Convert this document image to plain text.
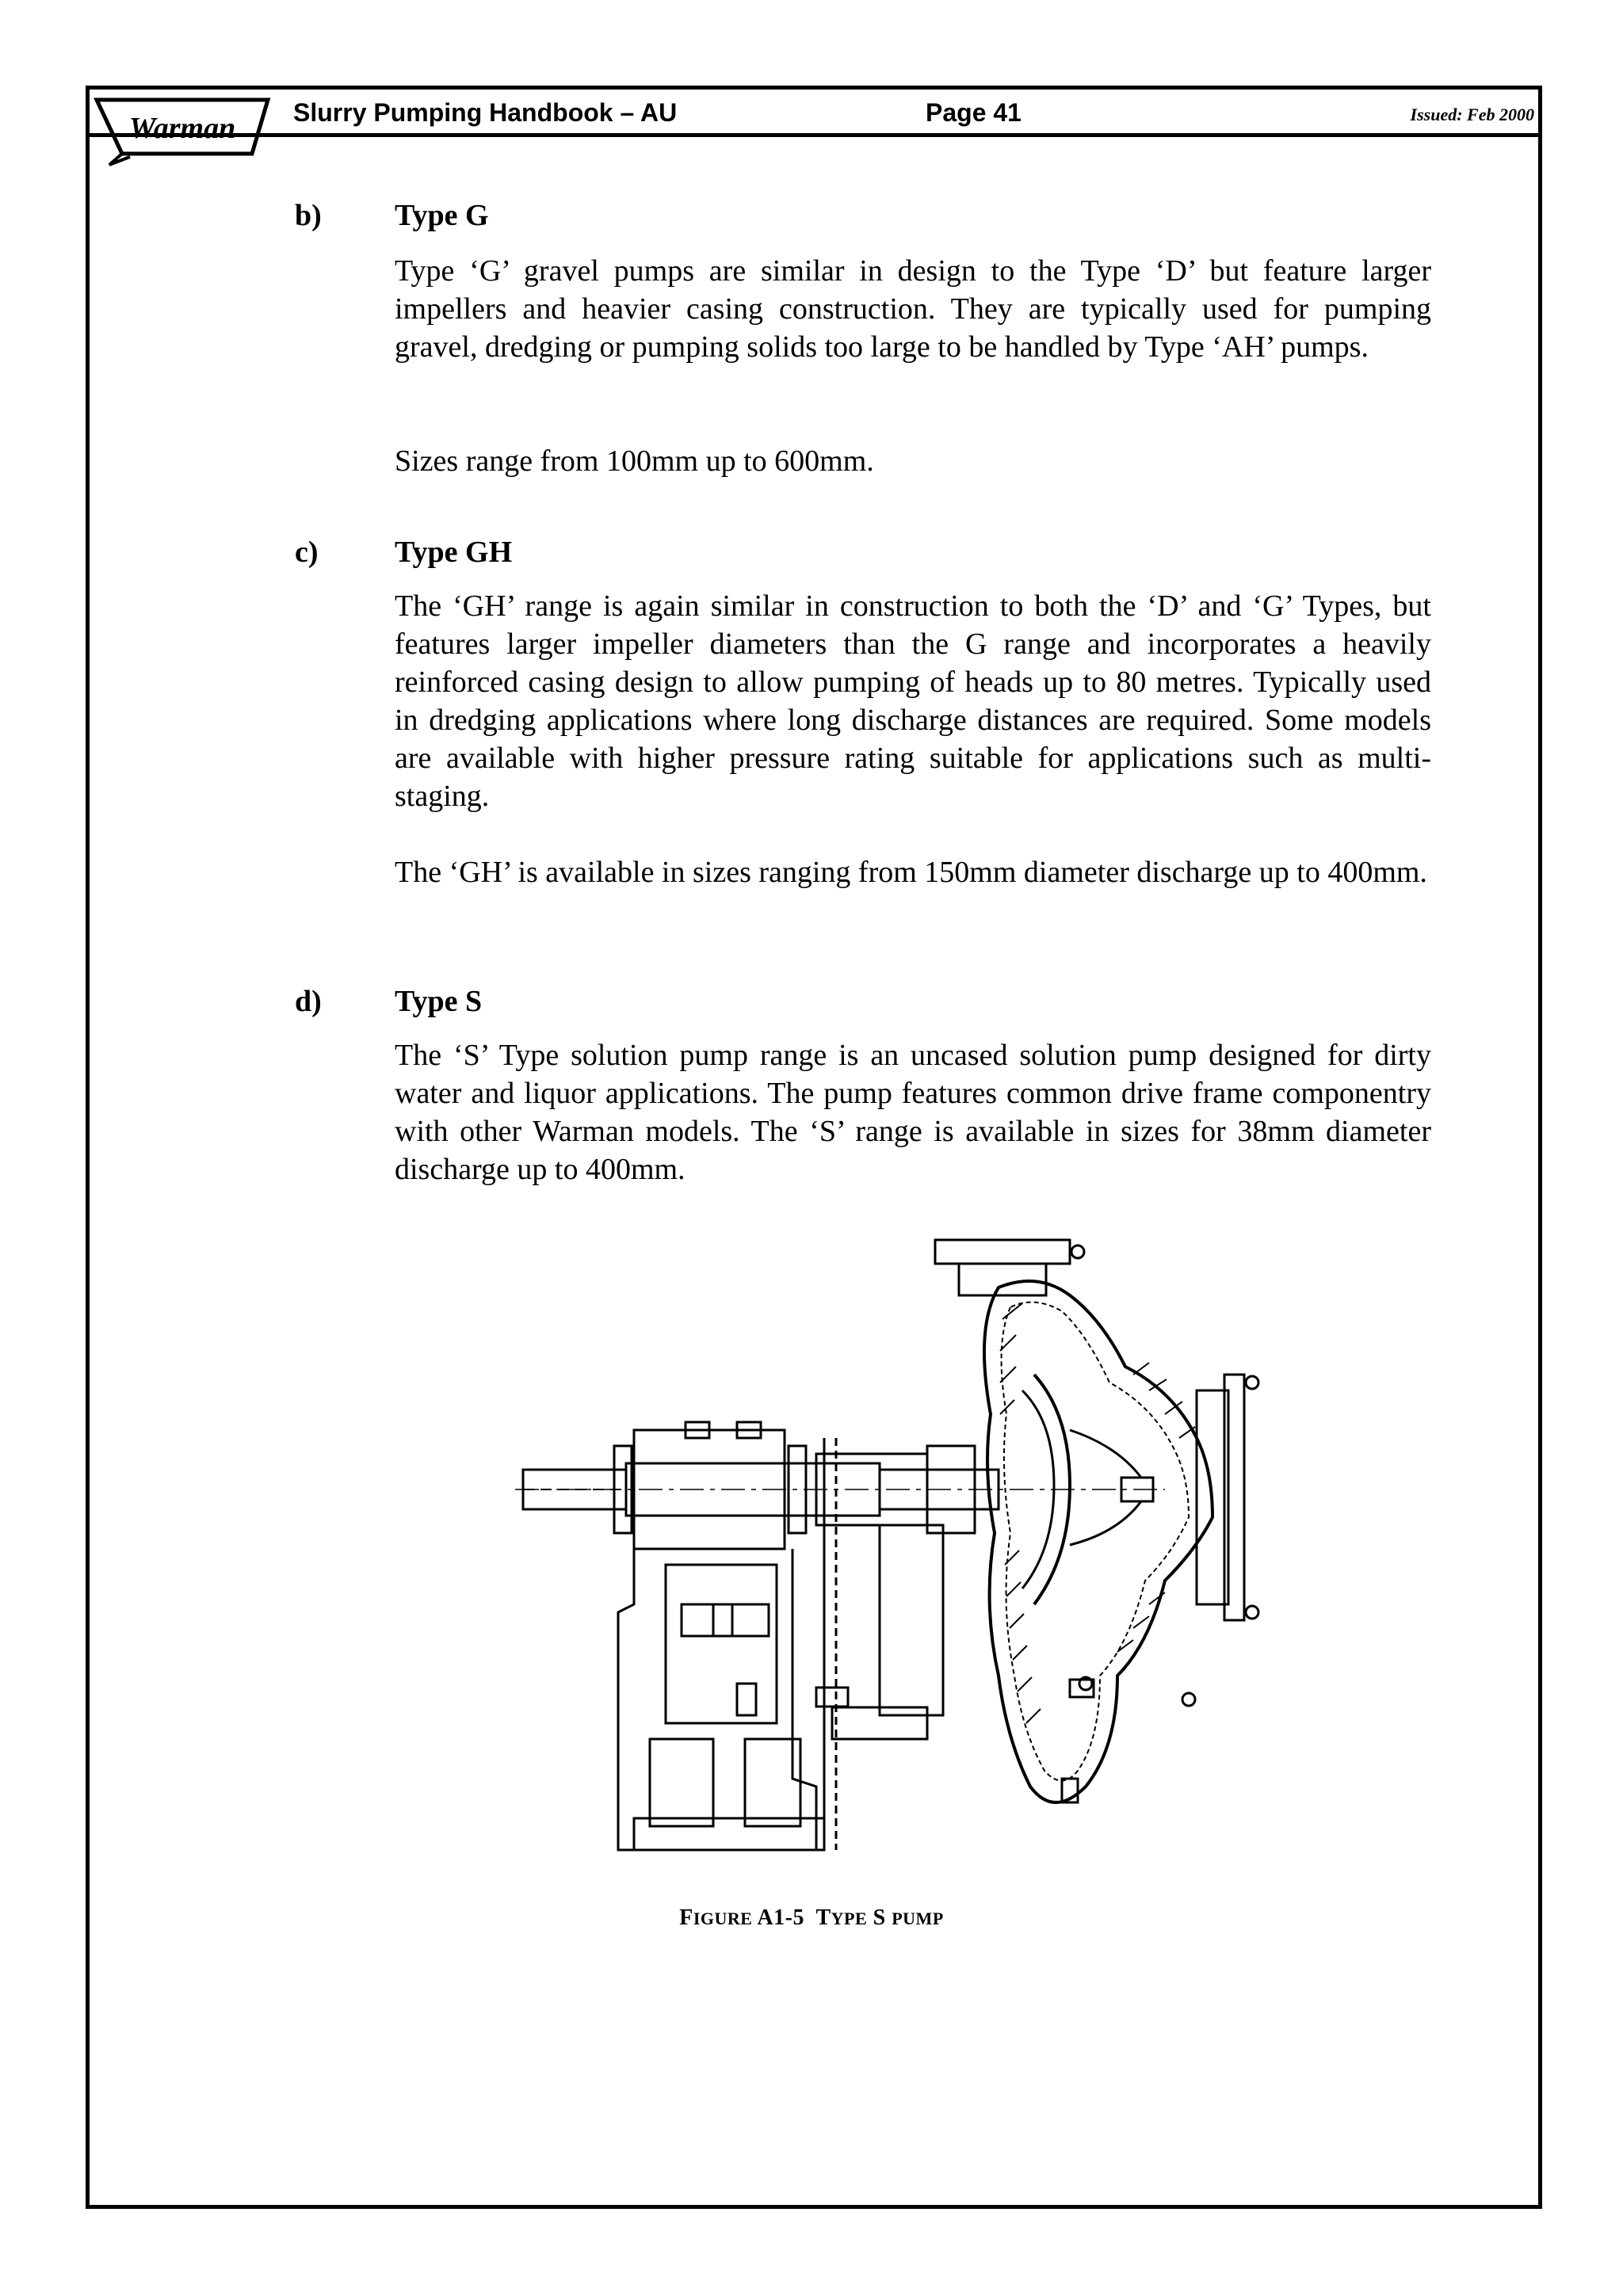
Warman Slurry Pumping Handbook – AU	Page 41	Issued: Feb 2000
b) Type G

Type ‘G’ gravel pumps are similar in design to the Type ‘D’ but feature larger impellers and heavier casing construction. They are typically used for pumping gravel, dredging or pumping solids too large to be handled by Type ‘AH’ pumps.

Sizes range from 100mm up to 600mm.

c)	Type GH

The ‘GH’ range is again similar in construction to both the ‘D’ and ‘G’ Types, but features larger impeller diameters than the G range and incorporates a heavily reinforced casing design to allow pumping of heads up to 80 metres. Typically used in dredging applications where long discharge distances are required. Some models are available with higher pressure rating suitable for applications such as multi-staging.

The ‘GH’ is available in sizes ranging from 150mm diameter discharge up to 400mm.

d) Type S

The ‘S’ Type solution pump range is an uncased solution pump designed for dirty water and liquor applications. The pump features common drive frame componentry with other Warman models. The ‘S’ range is available in sizes for 38mm diameter discharge up to 400mm.

FIGURE A1-5 TYPE S PUMP
